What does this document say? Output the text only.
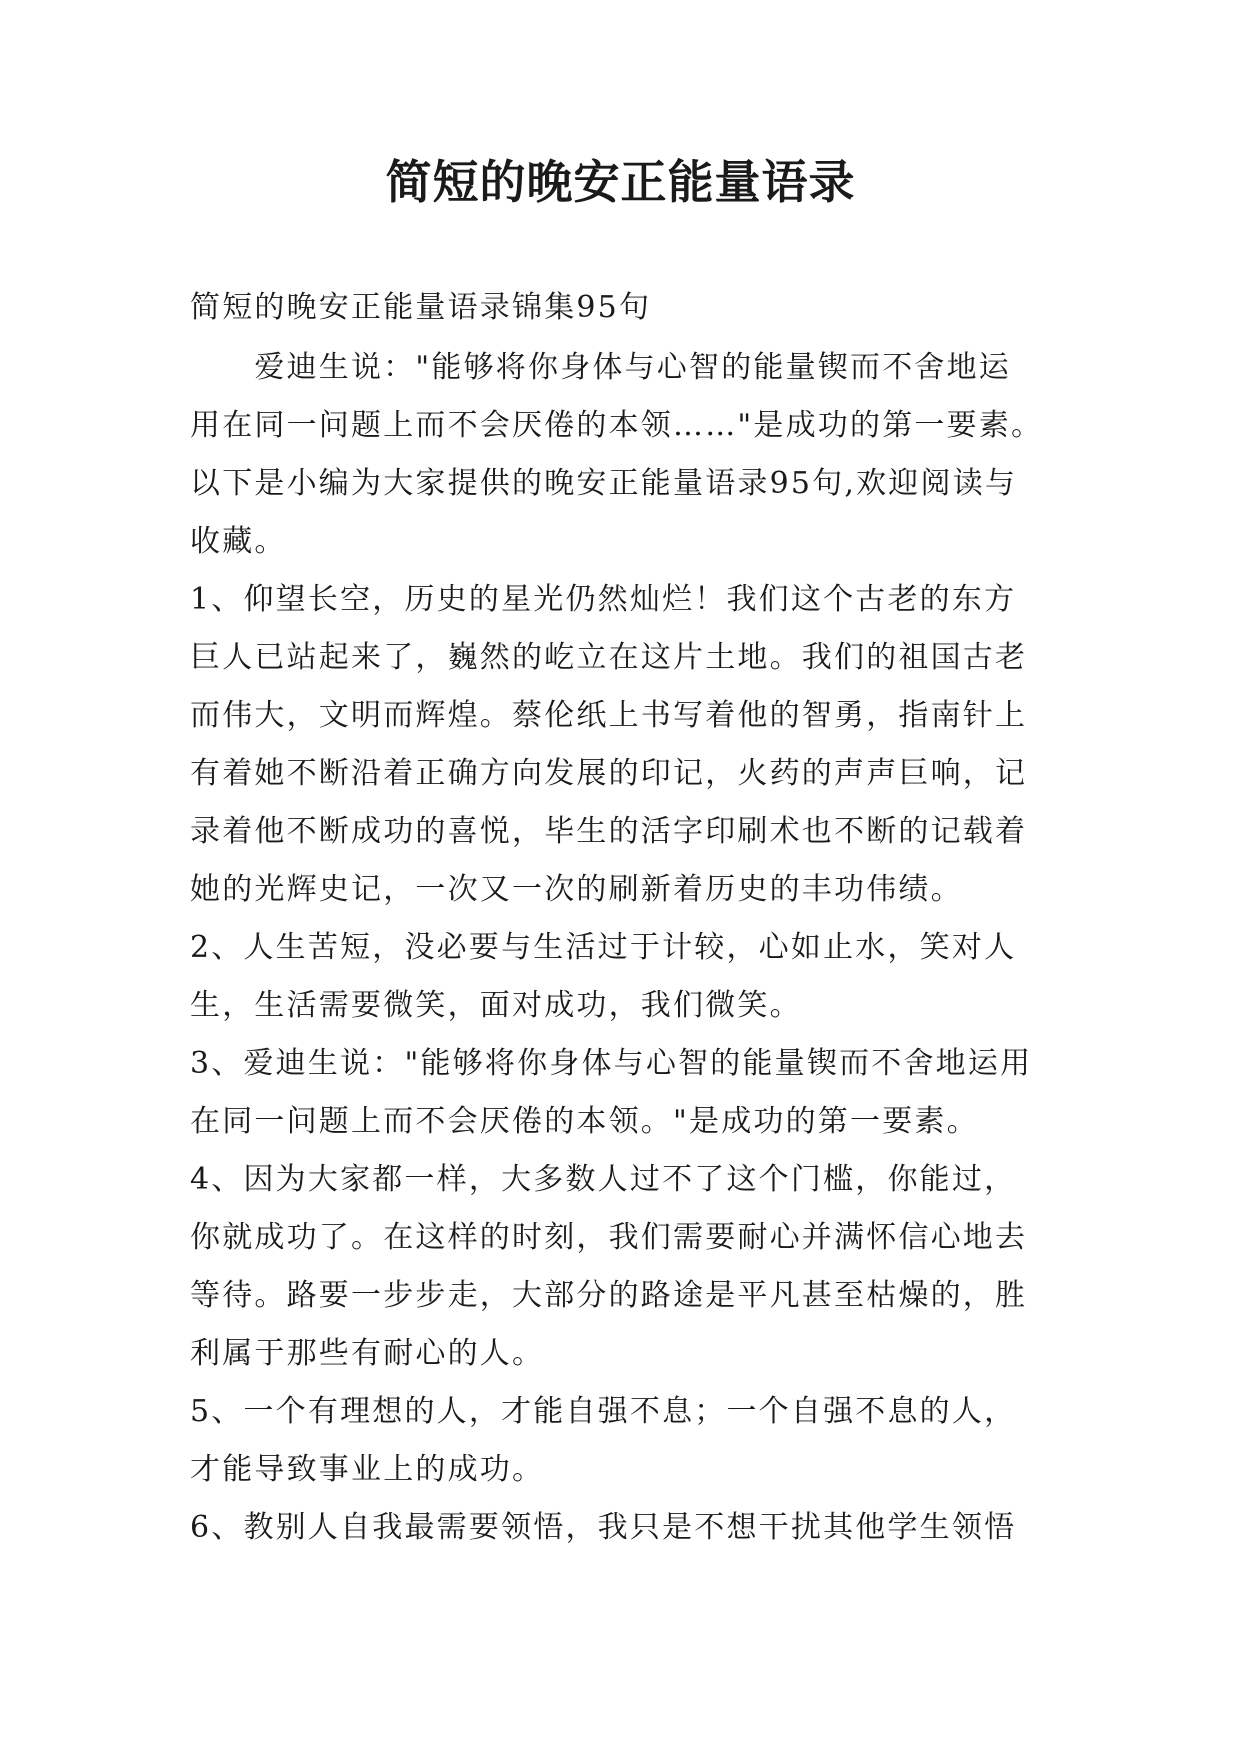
简短的晚安正能量语录
简短的晚安正能量语录锦集95句
　　爱迪生说："能够将你身体与心智的能量锲而不舍地运
用在同一问题上而不会厌倦的本领……"是成功的第一要素。
以下是小编为大家提供的晚安正能量语录95句,欢迎阅读与
收藏。
1、仰望长空，历史的星光仍然灿烂！我们这个古老的东方
巨人已站起来了，巍然的屹立在这片土地。我们的祖国古老
而伟大，文明而辉煌。蔡伦纸上书写着他的智勇，指南针上
有着她不断沿着正确方向发展的印记，火药的声声巨响，记
录着他不断成功的喜悦，毕生的活字印刷术也不断的记载着
她的光辉史记，一次又一次的刷新着历史的丰功伟绩。
2、人生苦短，没必要与生活过于计较，心如止水，笑对人
生，生活需要微笑，面对成功，我们微笑。
3、爱迪生说："能够将你身体与心智的能量锲而不舍地运用
在同一问题上而不会厌倦的本领。"是成功的第一要素。
4、因为大家都一样，大多数人过不了这个门槛，你能过，
你就成功了。在这样的时刻，我们需要耐心并满怀信心地去
等待。路要一步步走，大部分的路途是平凡甚至枯燥的，胜
利属于那些有耐心的人。
5、一个有理想的人，才能自强不息；一个自强不息的人，
才能导致事业上的成功。
6、教别人自我最需要领悟，我只是不想干扰其他学生领悟
